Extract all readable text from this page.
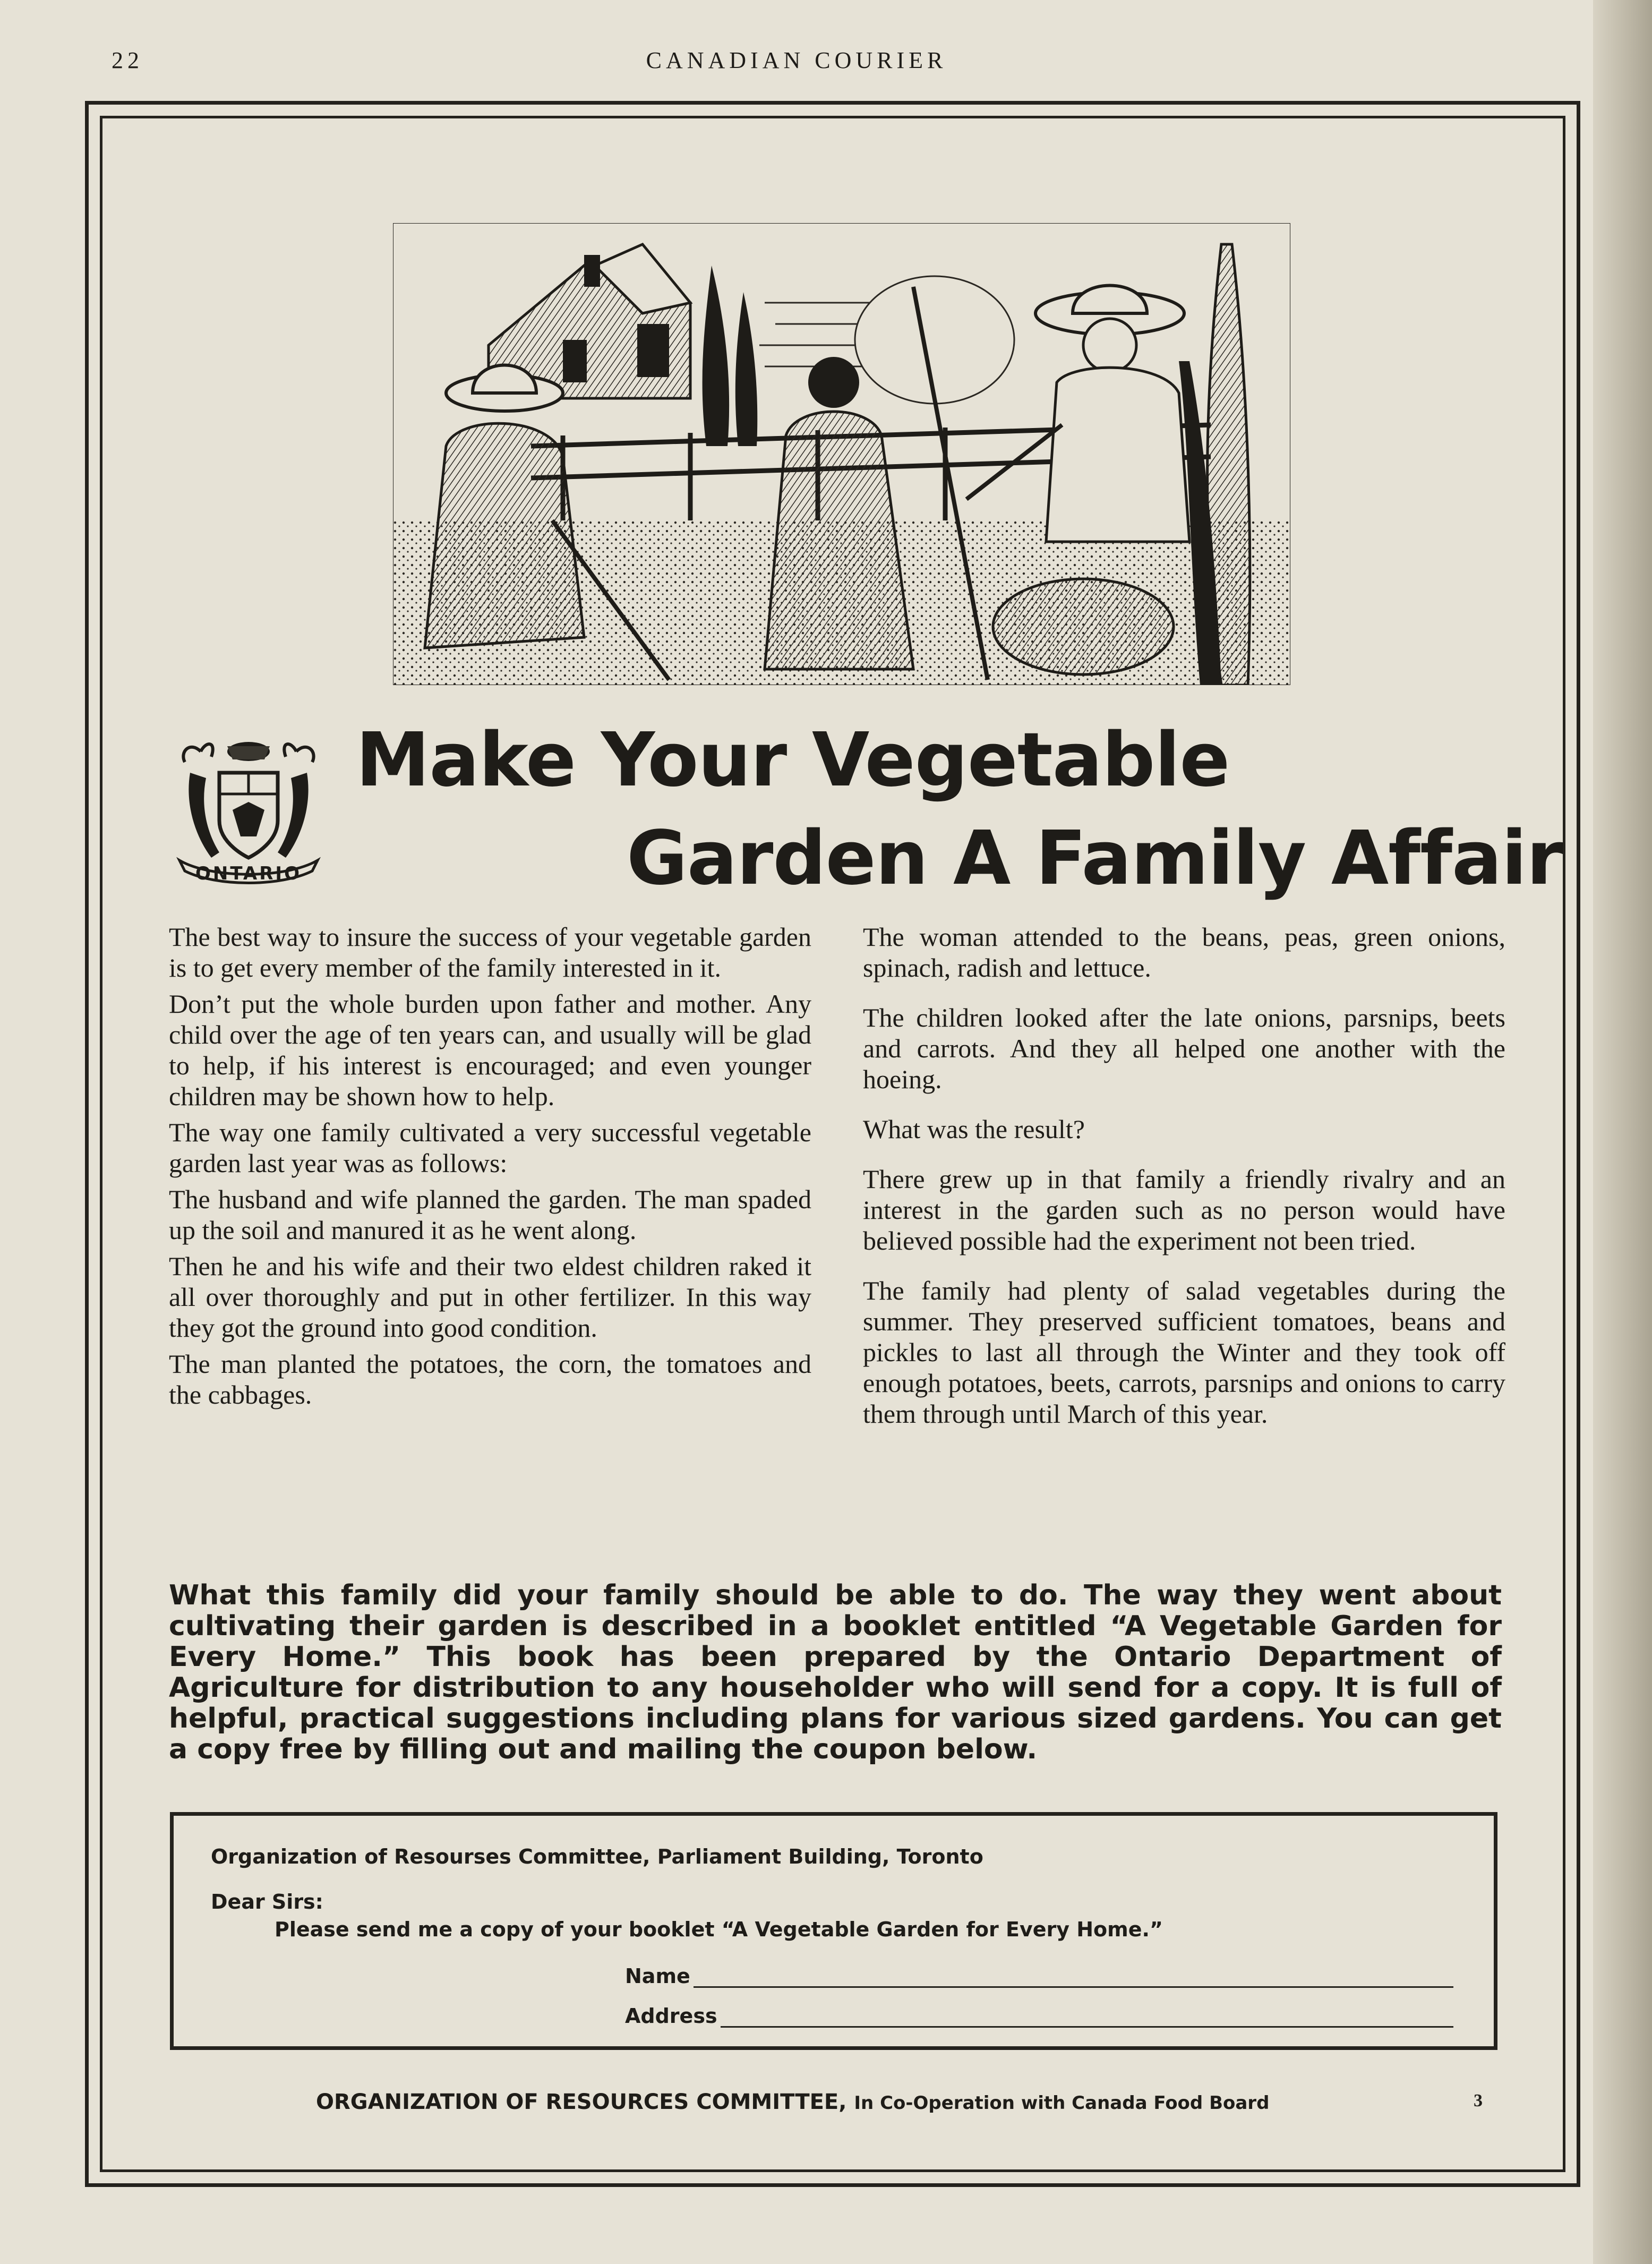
22	CANADIAN COURIER
ONTARIO
Make Your Vegetable
Garden A Family Affair

The best way to insure the success of your vegetable garden is to get every member of the family interested in it.

Don’t put the whole burden upon father and mother. Any child over the age of ten years can, and usually will be glad to help, if his interest is encouraged; and even younger children may be shown how to help.

The way one family cultivated a very successful vegetable garden last year was as follows:

The husband and wife planned the garden. The man spaded up the soil and manured it as he went along.

Then he and his wife and their two eldest children raked it all over thoroughly and put in other fertilizer. In this way they got the ground into good condition.

The man planted the potatoes, the corn, the tomatoes and the cabbages.

The woman attended to the beans, peas, green onions, spinach, radish and lettuce.

The children looked after the late onions, parsnips, beets and carrots. And they all helped one another with the hoeing.

What was the result?

There grew up in that family a friendly rivalry and an interest in the garden such as no person would have believed possible had the experiment not been tried.

The family had plenty of salad vegetables during the summer. They preserved sufficient tomatoes, beans and pickles to last all through the Winter and they took off enough potatoes, beets, carrots, parsnips and onions to carry them through until March of this year.

What this family did your family should be able to do. The way they went about cultivating their garden is described in a booklet entitled “A Vegetable Garden for Every Home.” This book has been prepared by the Ontario Department of Agriculture for distribution to any householder who will send for a copy. It is full of helpful, practical suggestions including plans for various sized gardens. You can get a copy free by filling out and mailing the coupon below.
Organization of Resourses Committee, Parliament Building, Toronto
Dear Sirs:
Please send me a copy of your booklet “A Vegetable Garden for Every Home.”
Name
Address
ORGANIZATION OF RESOURCES COMMITTEE, In Co-Operation with Canada Food Board	3
